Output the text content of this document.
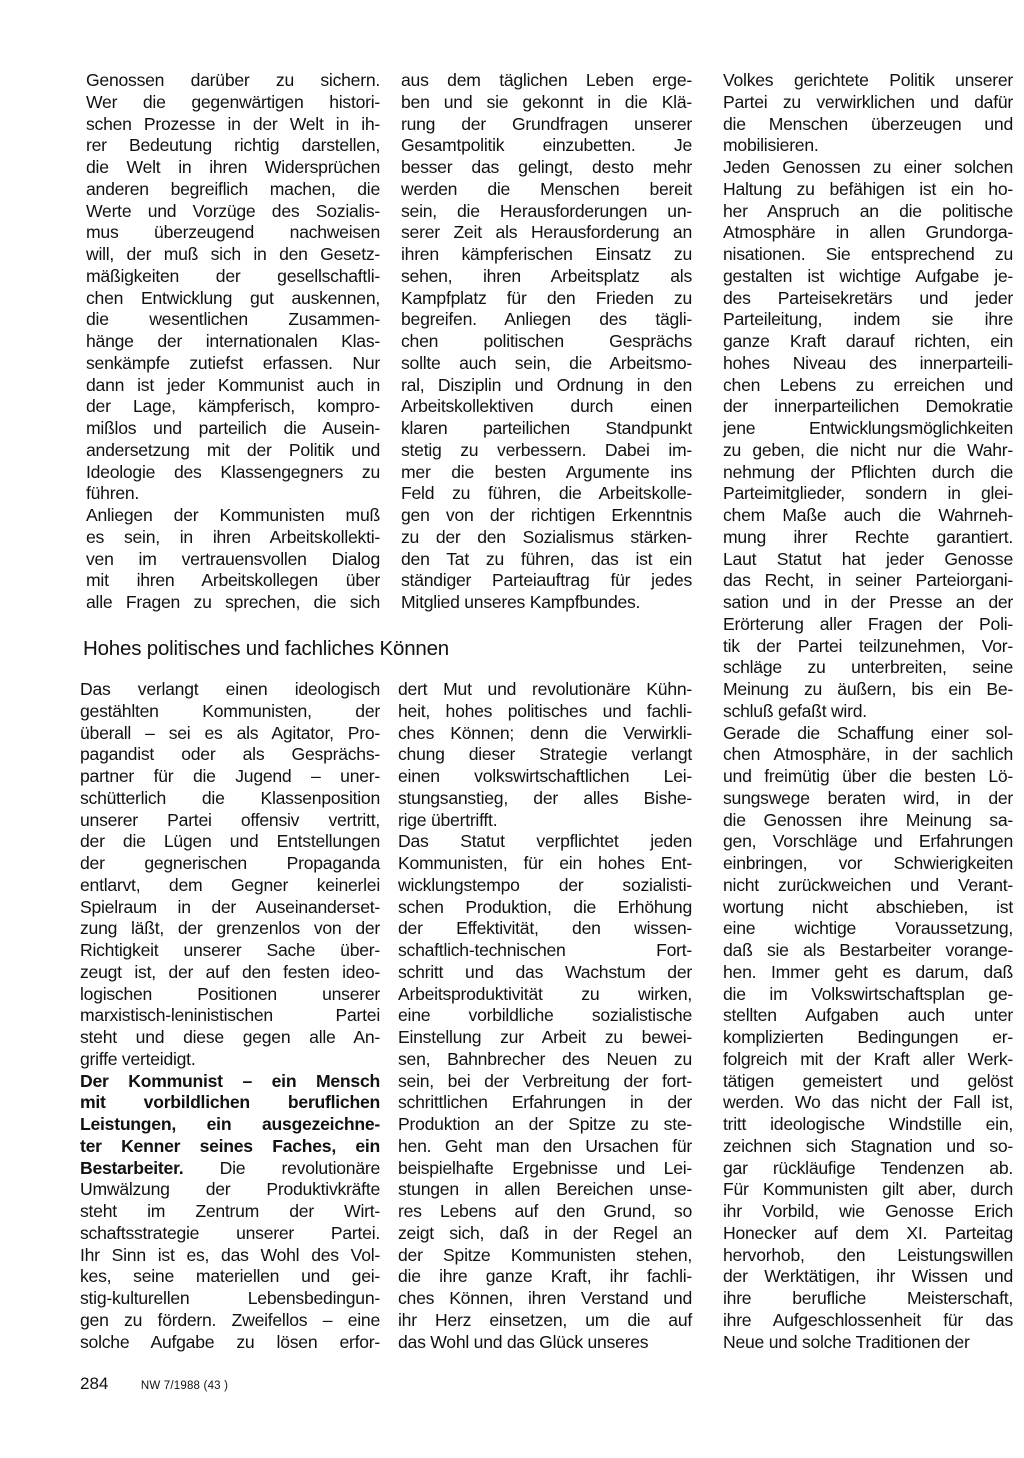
Genossen darüber zu sichern.
Wer die gegenwärtigen histori-
schen Prozesse in der Welt in ih-
rer Bedeutung richtig darstellen,
die Welt in ihren Widersprüchen
anderen begreiflich machen, die
Werte und Vorzüge des Sozialis-
mus überzeugend nachweisen
will, der muß sich in den Gesetz-
mäßigkeiten der gesellschaftli-
chen Entwicklung gut auskennen,
die wesentlichen Zusammen-
hänge der internationalen Klas-
senkämpfe zutiefst erfassen. Nur
dann ist jeder Kommunist auch in
der Lage, kämpferisch, kompro-
mißlos und parteilich die Ausein-
andersetzung mit der Politik und
Ideologie des Klassengegners zu
führen.
Anliegen der Kommunisten muß
es sein, in ihren Arbeitskollekti-
ven im vertrauensvollen Dialog
mit ihren Arbeitskollegen über
alle Fragen zu sprechen, die sich
aus dem täglichen Leben erge-
ben und sie gekonnt in die Klä-
rung der Grundfragen unserer
Gesamtpolitik einzubetten. Je
besser das gelingt, desto mehr
werden die Menschen bereit
sein, die Herausforderungen un-
serer Zeit als Herausforderung an
ihren kämpferischen Einsatz zu
sehen, ihren Arbeitsplatz als
Kampfplatz für den Frieden zu
begreifen. Anliegen des tägli-
chen politischen Gesprächs
sollte auch sein, die Arbeitsmo-
ral, Disziplin und Ordnung in den
Arbeitskollektiven durch einen
klaren parteilichen Standpunkt
stetig zu verbessern. Dabei im-
mer die besten Argumente ins
Feld zu führen, die Arbeitskolle-
gen von der richtigen Erkenntnis
zu der den Sozialismus stärken-
den Tat zu führen, das ist ein
ständiger Parteiauftrag für jedes
Mitglied unseres Kampfbundes.
Volkes gerichtete Politik unserer
Partei zu verwirklichen und dafür
die Menschen überzeugen und
mobilisieren.
Jeden Genossen zu einer solchen
Haltung zu befähigen ist ein ho-
her Anspruch an die politische
Atmosphäre in allen Grundorga-
nisationen. Sie entsprechend zu
gestalten ist wichtige Aufgabe je-
des Parteisekretärs und jeder
Parteileitung, indem sie ihre
ganze Kraft darauf richten, ein
hohes Niveau des innerparteili-
chen Lebens zu erreichen und
der innerparteilichen Demokratie
jene Entwicklungsmöglichkeiten
zu geben, die nicht nur die Wahr-
nehmung der Pflichten durch die
Parteimitglieder, sondern in glei-
chem Maße auch die Wahrneh-
mung ihrer Rechte garantiert.
Laut Statut hat jeder Genosse
das Recht, in seiner Parteiorgani-
sation und in der Presse an der
Erörterung aller Fragen der Poli-
tik der Partei teilzunehmen, Vor-
schläge zu unterbreiten, seine
Meinung zu äußern, bis ein Be-
schluß gefaßt wird.
Gerade die Schaffung einer sol-
chen Atmosphäre, in der sachlich
und freimütig über die besten Lö-
sungswege beraten wird, in der
die Genossen ihre Meinung sa-
gen, Vorschläge und Erfahrungen
einbringen, vor Schwierigkeiten
nicht zurückweichen und Verant-
wortung nicht abschieben, ist
eine wichtige Voraussetzung,
daß sie als Bestarbeiter vorange-
hen. Immer geht es darum, daß
die im Volkswirtschaftsplan ge-
stellten Aufgaben auch unter
komplizierten Bedingungen er-
folgreich mit der Kraft aller Werk-
tätigen gemeistert und gelöst
werden. Wo das nicht der Fall ist,
tritt ideologische Windstille ein,
zeichnen sich Stagnation und so-
gar rückläufige Tendenzen ab.
Für Kommunisten gilt aber, durch
ihr Vorbild, wie Genosse Erich
Honecker auf dem XI. Parteitag
hervorhob, den Leistungswillen
der Werktätigen, ihr Wissen und
ihre berufliche Meisterschaft,
ihre Aufgeschlossenheit für das
Neue und solche Traditionen der
Hohes politisches und fachliches Können
Das verlangt einen ideologisch
gestählten Kommunisten, der
überall – sei es als Agitator, Pro-
pagandist oder als Gesprächs-
partner für die Jugend – uner-
schütterlich die Klassenposition
unserer Partei offensiv vertritt,
der die Lügen und Entstellungen
der gegnerischen Propaganda
entlarvt, dem Gegner keinerlei
Spielraum in der Auseinanderset-
zung läßt, der grenzenlos von der
Richtigkeit unserer Sache über-
zeugt ist, der auf den festen ideo-
logischen Positionen unserer
marxistisch-leninistischen Partei
steht und diese gegen alle An-
griffe verteidigt.
Der Kommunist – ein Mensch
mit vorbildlichen beruflichen
Leistungen, ein ausgezeichne-
ter Kenner seines Faches, ein
Bestarbeiter. Die revolutionäre
Umwälzung der Produktivkräfte
steht im Zentrum der Wirt-
schaftsstrategie unserer Partei.
Ihr Sinn ist es, das Wohl des Vol-
kes, seine materiellen und gei-
stig-kulturellen Lebensbedingun-
gen zu fördern. Zweifellos – eine
solche Aufgabe zu lösen erfor-
dert Mut und revolutionäre Kühn-
heit, hohes politisches und fachli-
ches Können; denn die Verwirkli-
chung dieser Strategie verlangt
einen volkswirtschaftlichen Lei-
stungsanstieg, der alles Bishe-
rige übertrifft.
Das Statut verpflichtet jeden
Kommunisten, für ein hohes Ent-
wicklungstempo der sozialisti-
schen Produktion, die Erhöhung
der Effektivität, den wissen-
schaftlich-technischen Fort-
schritt und das Wachstum der
Arbeitsproduktivität zu wirken,
eine vorbildliche sozialistische
Einstellung zur Arbeit zu bewei-
sen, Bahnbrecher des Neuen zu
sein, bei der Verbreitung der fort-
schrittlichen Erfahrungen in der
Produktion an der Spitze zu ste-
hen. Geht man den Ursachen für
beispielhafte Ergebnisse und Lei-
stungen in allen Bereichen unse-
res Lebens auf den Grund, so
zeigt sich, daß in der Regel an
der Spitze Kommunisten stehen,
die ihre ganze Kraft, ihr fachli-
ches Können, ihren Verstand und
ihr Herz einsetzen, um die auf
das Wohl und das Glück unseres
284	NW 7/1988 (43 )
